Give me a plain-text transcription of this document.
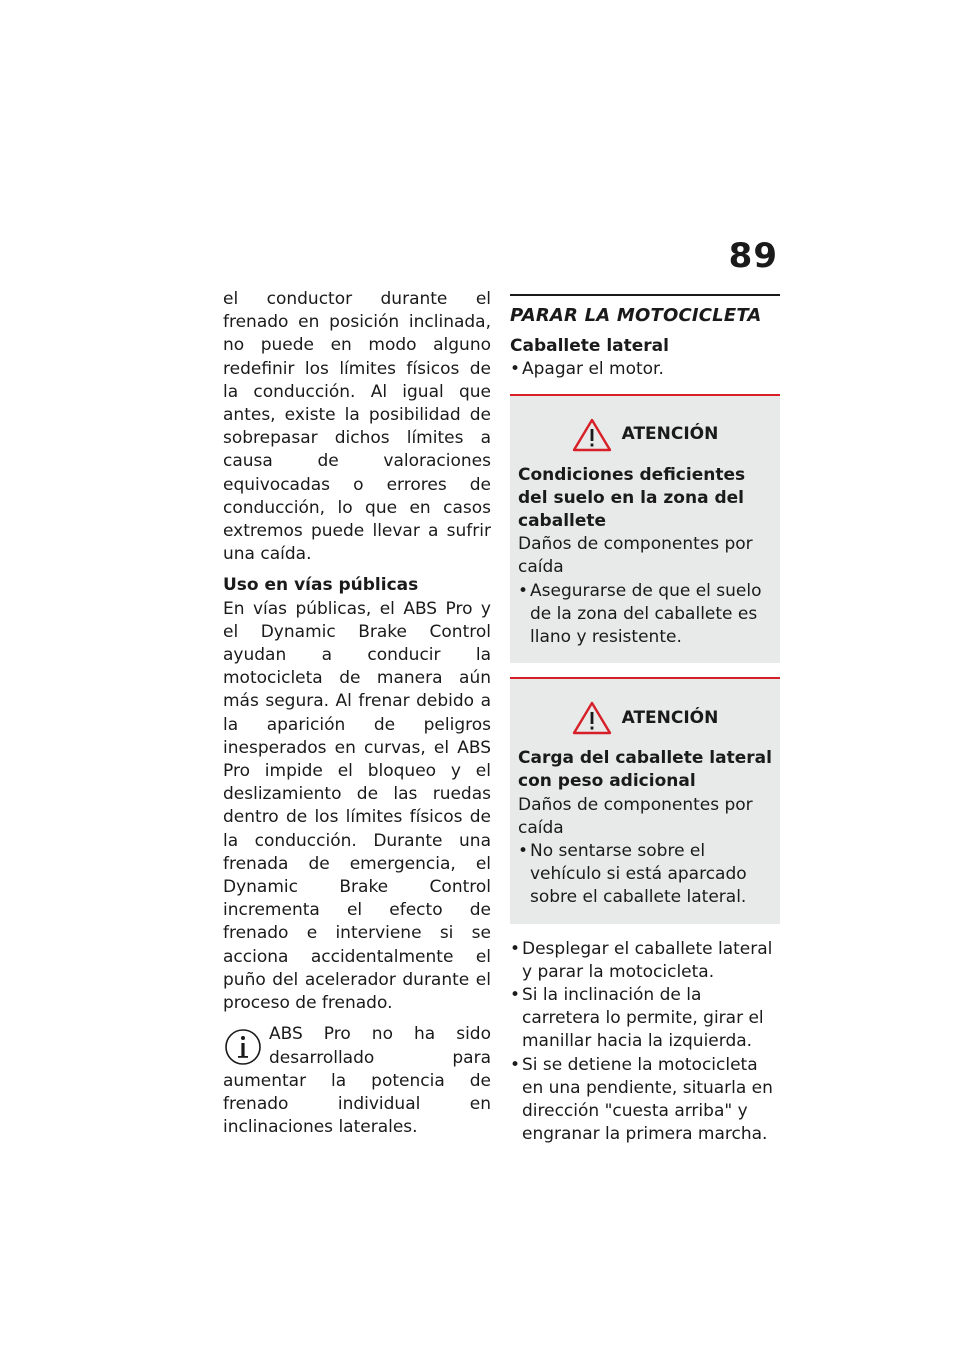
89

el conductor durante el frenado en posición inclinada, no puede en modo alguno redefinir los límites físicos de la conducción. Al igual que antes, existe la posibilidad de sobrepasar dichos límites a causa de valoraciones equivocadas o errores de conducción, lo que en casos extremos puede llevar a sufrir una caída.

Uso en vías públicas

En vías públicas, el ABS Pro y el Dynamic Brake Control ayudan a conducir la motocicleta de manera aún más segura. Al frenar debido a la aparición de peligros inesperados en curvas, el ABS Pro impide el bloqueo y el deslizamiento de las ruedas dentro de los límites físicos de la conducción. Durante una frenada de emergencia, el Dynamic Brake Control incrementa el efecto de frenado e interviene si se acciona accidentalmente el puño del acelerador durante el proceso de frenado.

ABS Pro no ha sido desarrollado para aumentar la potencia de frenado individual en inclinaciones laterales.

PARAR LA MOTOCICLETA

Caballete lateral

• Apagar el motor.

ATENCIÓN

Condiciones deficientes del suelo en la zona del caballete

Daños de componentes por caída

• Asegurarse de que el suelo de la zona del caballete es llano y resistente.

ATENCIÓN

Carga del caballete lateral con peso adicional

Daños de componentes por caída

• No sentarse sobre el vehículo si está aparcado sobre el caballete lateral.

• Desplegar el caballete lateral y parar la motocicleta.

• Si la inclinación de la carretera lo permite, girar el manillar hacia la izquierda.

• Si se detiene la motocicleta en una pendiente, situarla en dirección "cuesta arriba" y engranar la primera marcha.
